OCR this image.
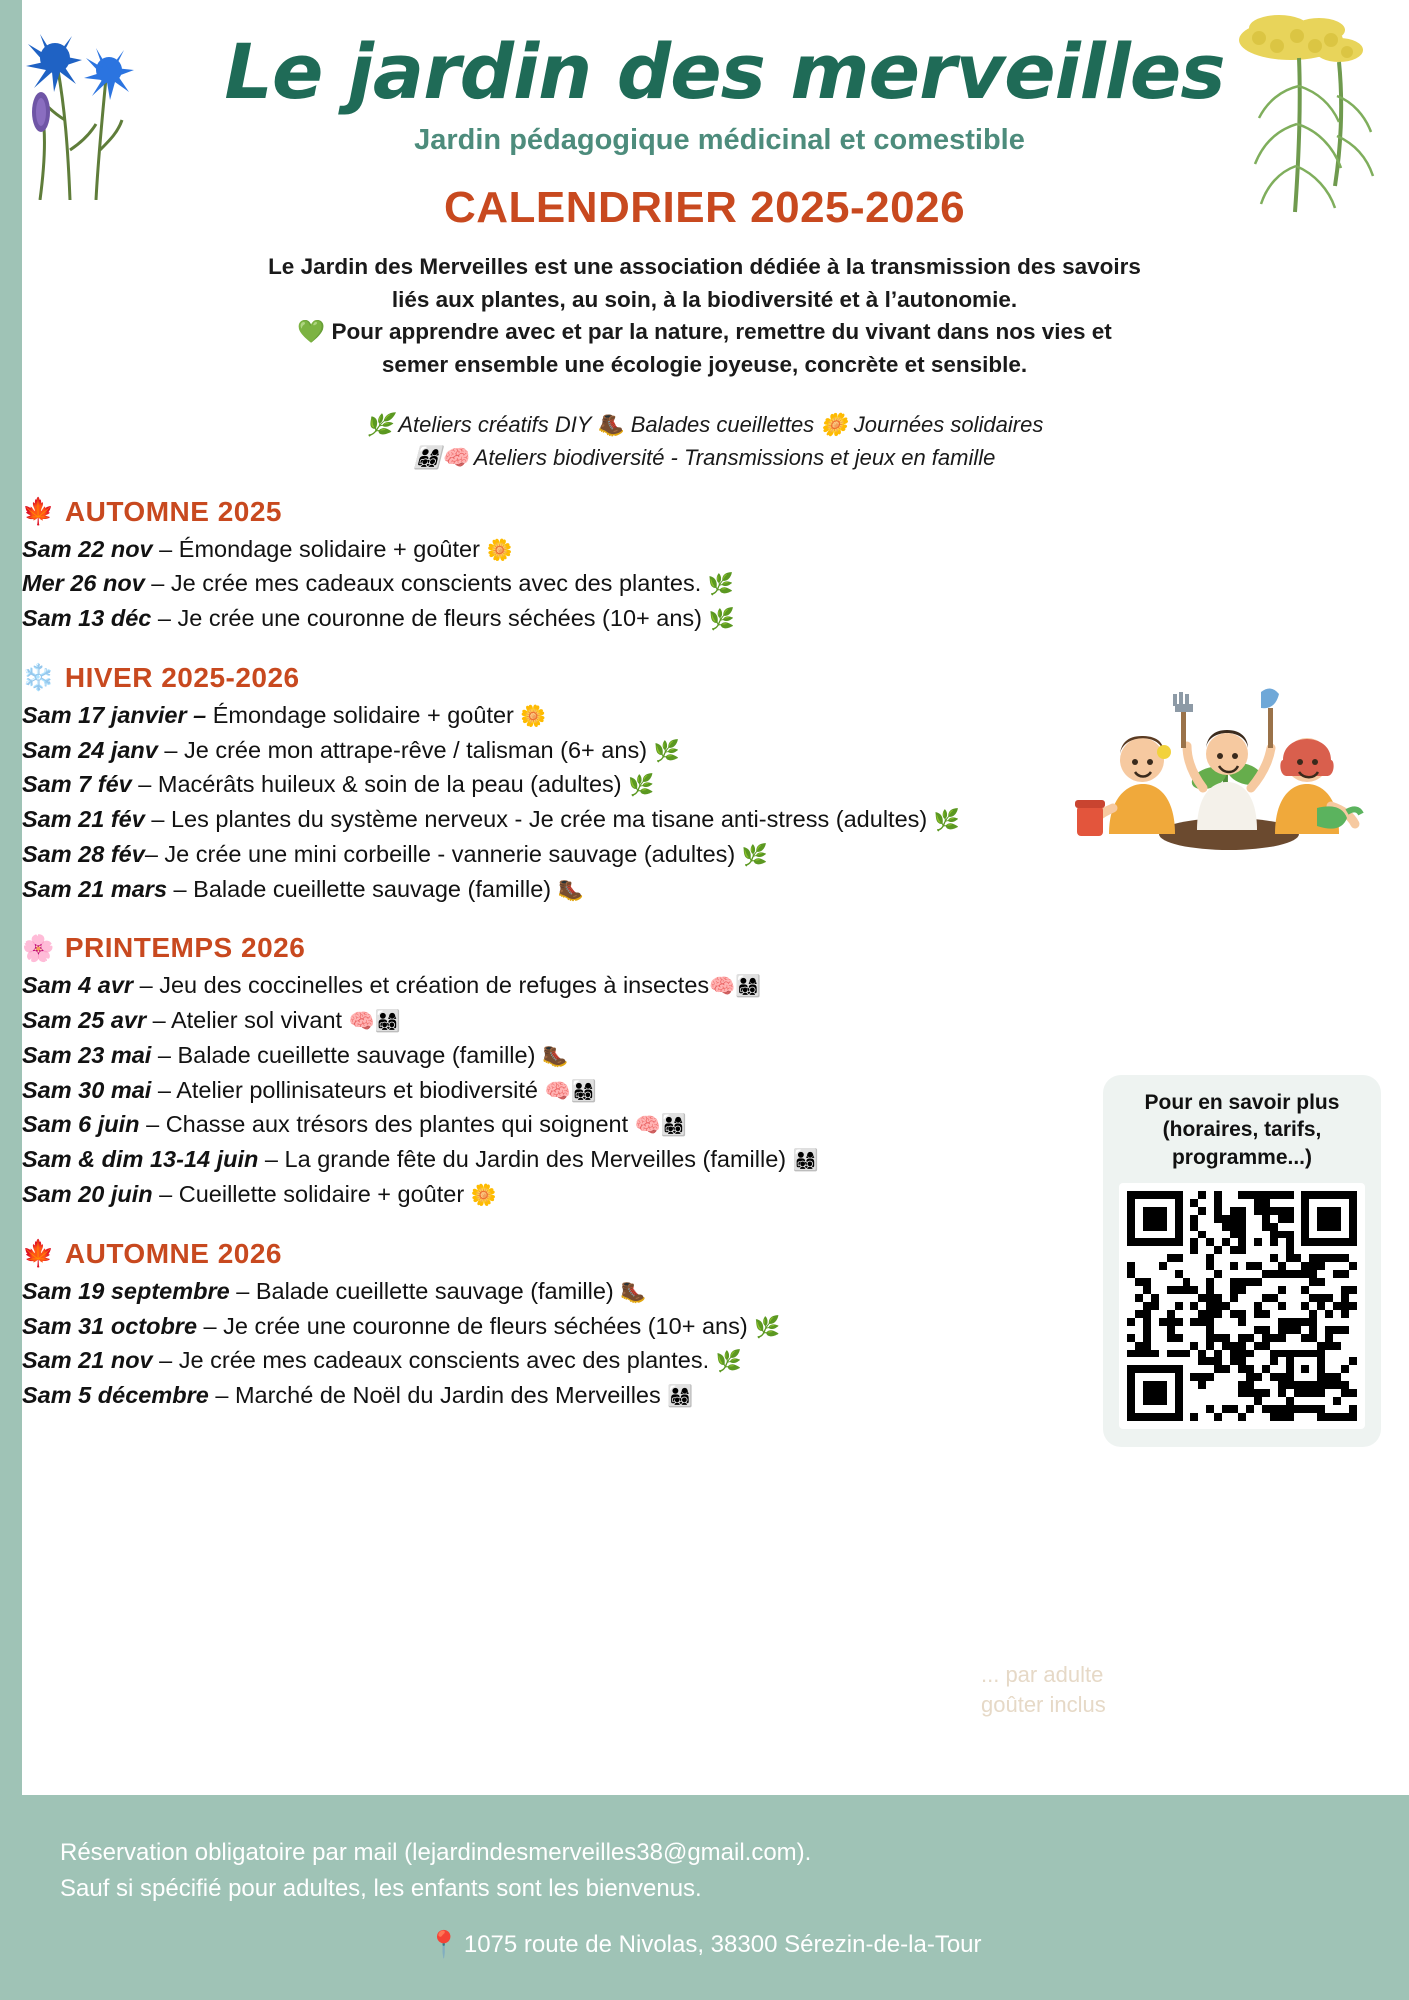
Le jardin des merveilles
Jardin pédagogique médicinal et comestible
CALENDRIER 2025-2026
Le Jardin des Merveilles est une association dédiée à la transmission des savoirs
liés aux plantes, au soin, à la biodiversité et à l’autonomie.
💚 Pour apprendre avec et par la nature, remettre du vivant dans nos vies et
semer ensemble une écologie joyeuse, concrète et sensible.
🌿 Ateliers créatifs DIY 🥾 Balades cueillettes 🌼 Journées solidaires
👨‍👩‍👧‍👦🧠 Ateliers biodiversité - Transmissions et jeux en famille
🍁 AUTOMNE 2025
Sam 22 nov – Émondage solidaire + goûter 🌼
Mer 26 nov – Je crée mes cadeaux conscients avec des plantes. 🌿
Sam 13 déc – Je crée une couronne de fleurs séchées (10+ ans) 🌿
❄️ HIVER 2025-2026
Sam 17 janvier – Émondage solidaire + goûter 🌼
Sam 24 janv – Je crée mon attrape-rêve / talisman (6+ ans) 🌿
Sam 7 fév – Macérâts huileux & soin de la peau (adultes) 🌿
Sam 21 fév – Les plantes du système nerveux - Je crée ma tisane anti-stress (adultes) 🌿
Sam 28 fév– Je crée une mini corbeille - vannerie sauvage (adultes) 🌿
Sam 21 mars – Balade cueillette sauvage (famille) 🥾
🌸 PRINTEMPS 2026
Sam 4 avr – Jeu des coccinelles et création de refuges à insectes🧠👨‍👩‍👧‍👦
Sam 25 avr – Atelier sol vivant 🧠👨‍👩‍👧‍👦
Sam 23 mai – Balade cueillette sauvage (famille) 🥾
Sam 30 mai – Atelier pollinisateurs et biodiversité 🧠👨‍👩‍👧‍👦
Sam 6 juin – Chasse aux trésors des plantes qui soignent 🧠👨‍👩‍👧‍👦
Sam & dim 13-14 juin – La grande fête du Jardin des Merveilles (famille) 👨‍👩‍👧‍👦
Sam 20 juin – Cueillette solidaire + goûter 🌼
🍁 AUTOMNE 2026
Sam 19 septembre – Balade cueillette sauvage (famille) 🥾
Sam 31 octobre – Je crée une couronne de fleurs séchées (10+ ans) 🌿
Sam 21 nov – Je crée mes cadeaux conscients avec des plantes. 🌿
Sam 5 décembre – Marché de Noël du Jardin des Merveilles 👨‍👩‍👧‍👦
Pour en savoir plus
(horaires, tarifs,
programme...)
... par adulte
goûter inclus
Réservation obligatoire par mail (lejardindesmerveilles38@gmail.com).
Sauf si spécifié pour adultes, les enfants sont les bienvenus.
📍 1075 route de Nivolas, 38300 Sérezin-de-la-Tour
